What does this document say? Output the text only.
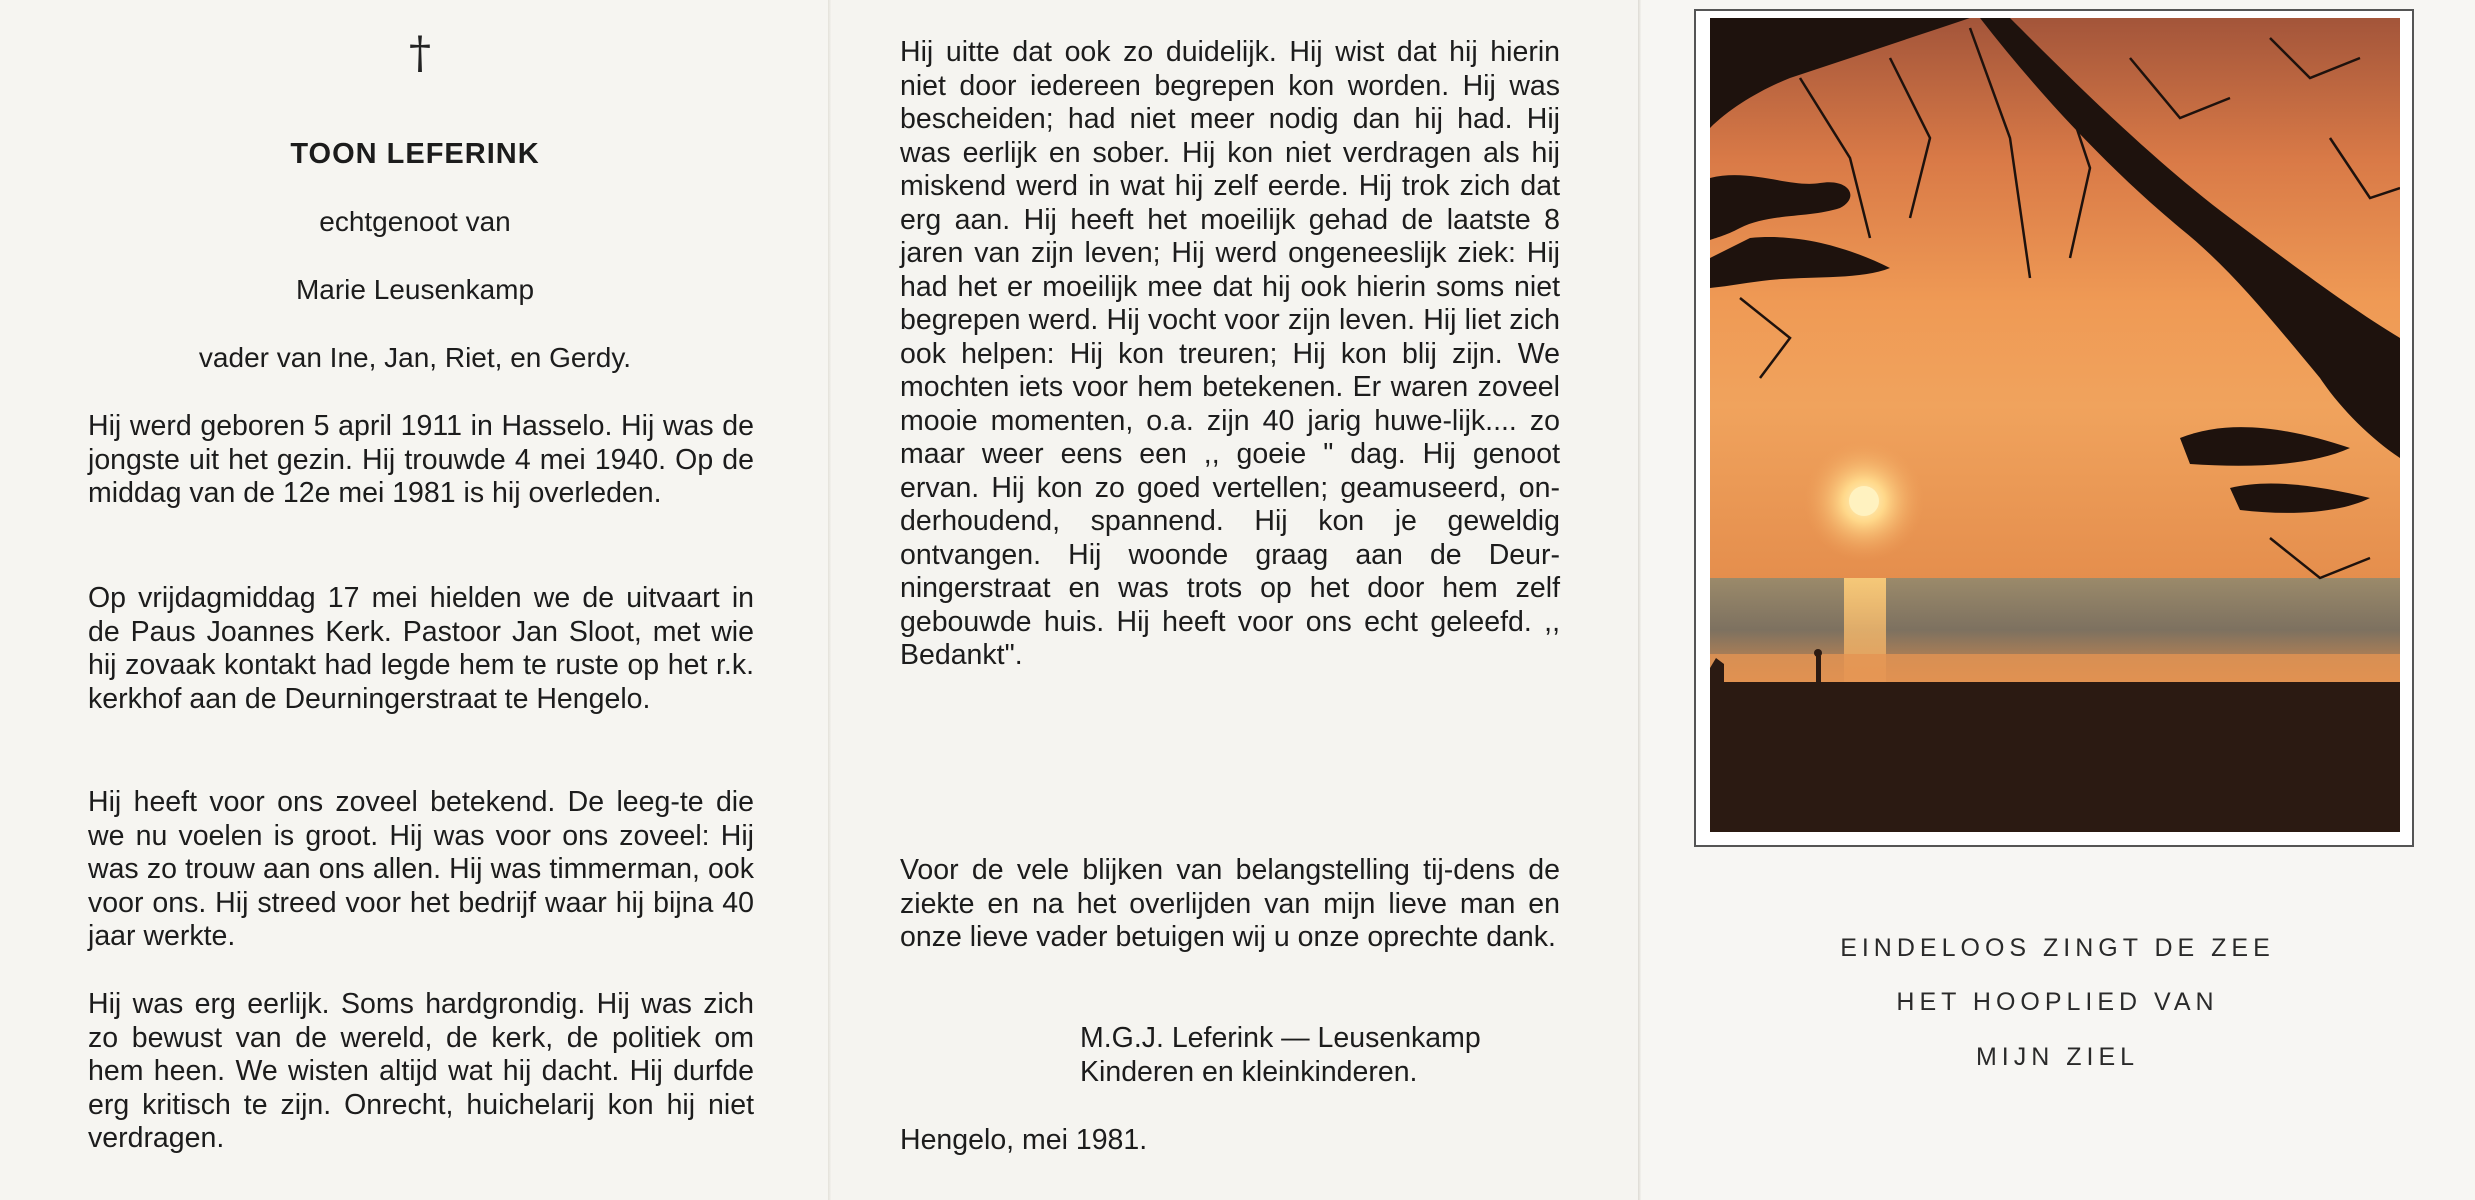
†
TOON LEFERINK
echtgenoot van
Marie Leusenkamp
vader van Ine, Jan, Riet, en Gerdy.

Hij werd geboren 5 april 1911 in Hasselo. Hij was de jongste uit het gezin. Hij trouwde 4 mei 1940. Op de middag van de 12e mei 1981 is hij overleden.

Op vrijdagmiddag 17 mei hielden we de uitvaart in de Paus Joannes Kerk. Pastoor Jan Sloot, met wie hij zovaak kontakt had legde hem te ruste op het r.k. kerkhof aan de Deurningerstraat te Hengelo.

Hij heeft voor ons zoveel betekend. De leeg-te die we nu voelen is groot. Hij was voor ons zoveel: Hij was zo trouw aan ons allen. Hij was timmerman, ook voor ons. Hij streed voor het bedrijf waar hij bijna 40 jaar werkte.

Hij was erg eerlijk. Soms hardgrondig. Hij was zich zo bewust van de wereld, de kerk, de politiek om hem heen. We wisten altijd wat hij dacht. Hij durfde erg kritisch te zijn. Onrecht, huichelarij kon hij niet verdragen.

Hij uitte dat ook zo duidelijk. Hij wist dat hij hierin niet door iedereen begrepen kon worden. Hij was bescheiden; had niet meer nodig dan hij had. Hij was eerlijk en sober. Hij kon niet verdragen als hij miskend werd in wat hij zelf eerde. Hij trok zich dat erg aan. Hij heeft het moeilijk gehad de laatste 8 jaren van zijn leven; Hij werd ongeneeslijk ziek: Hij had het er moeilijk mee dat hij ook hierin soms niet begrepen werd. Hij vocht voor zijn leven. Hij liet zich ook helpen: Hij kon treuren; Hij kon blij zijn. We mochten iets voor hem betekenen. Er waren zoveel mooie momenten, o.a. zijn 40 jarig huwe-lijk.... zo maar weer eens een ,, goeie " dag. Hij genoot ervan. Hij kon zo goed vertellen; geamuseerd, on-derhoudend, spannend. Hij kon je geweldig ontvangen. Hij woonde graag aan de Deur-ningerstraat en was trots op het door hem zelf gebouwde huis. Hij heeft voor ons echt geleefd. ,, Bedankt".

Voor de vele blijken van belangstelling tij-dens de ziekte en na het overlijden van mijn lieve man en onze lieve vader betuigen wij u onze oprechte dank.

M.G.J. Leferink — Leusenkamp
Kinderen en kleinkinderen.
Hengelo, mei 1981.
EINDELOOS ZINGT DE ZEE
HET HOOPLIED VAN
MIJN ZIEL
